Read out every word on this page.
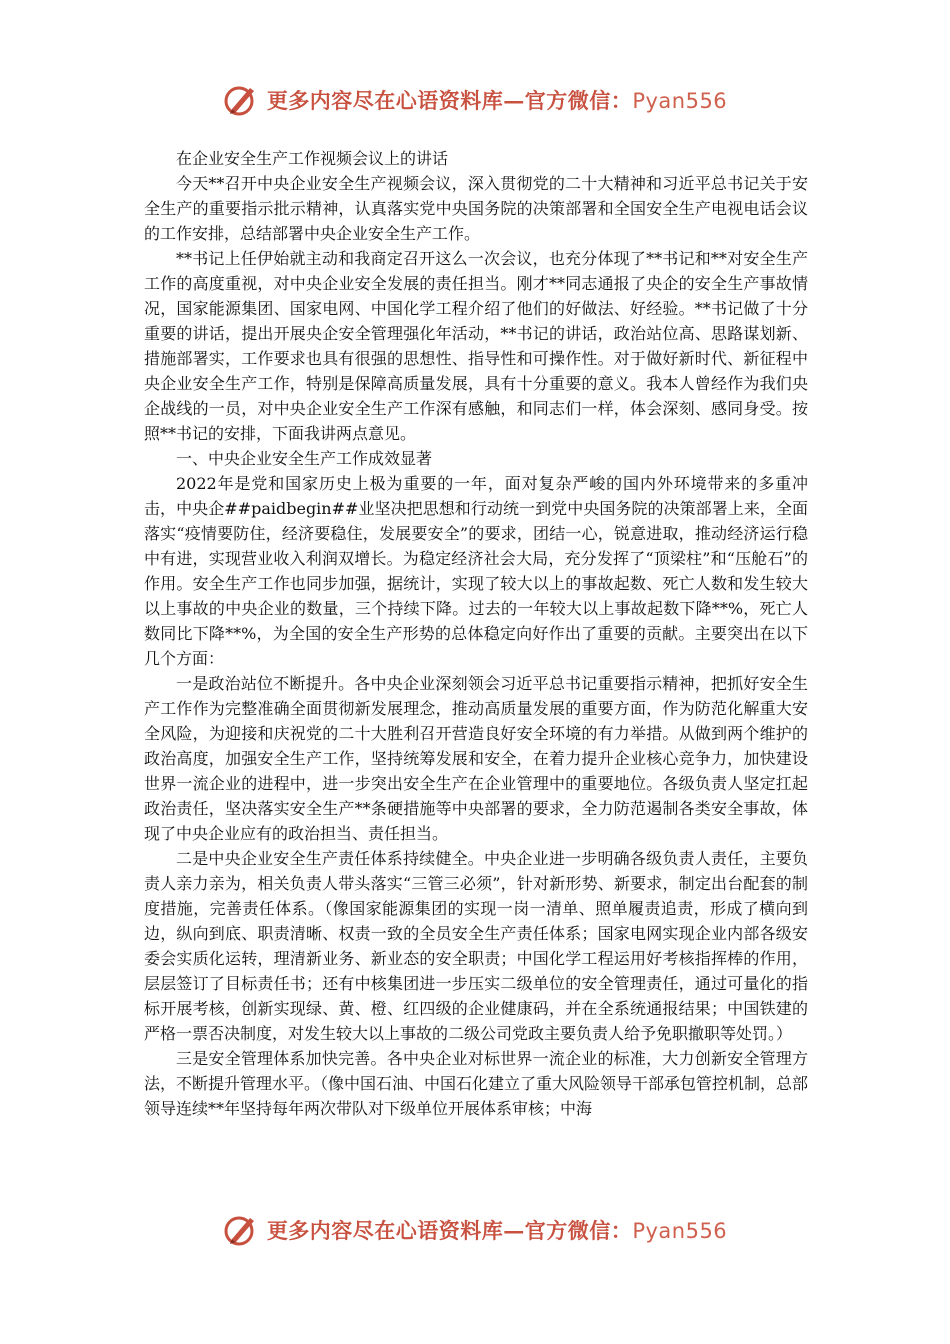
更多内容尽在心语资料库—官方微信：Pyan556

在企业安全生产工作视频会议上的讲话

今天**召开中央企业安全生产视频会议，深入贯彻党的二十大精神和习近平总书记关于安全生产的重要指示批示精神，认真落实党中央国务院的决策部署和全国安全生产电视电话会议的工作安排，总结部署中央企业安全生产工作。

**书记上任伊始就主动和我商定召开这么一次会议，也充分体现了**书记和**对安全生产工作的高度重视，对中央企业安全发展的责任担当。刚才**同志通报了央企的安全生产事故情况，国家能源集团、国家电网、中国化学工程介绍了他们的好做法、好经验。**书记做了十分重要的讲话，提出开展央企安全管理强化年活动，**书记的讲话，政治站位高、思路谋划新、措施部署实，工作要求也具有很强的思想性、指导性和可操作性。对于做好新时代、新征程中央企业安全生产工作，特别是保障高质量发展，具有十分重要的意义。我本人曾经作为我们央企战线的一员，对中央企业安全生产工作深有感触，和同志们一样，体会深刻、感同身受。按照**书记的安排，下面我讲两点意见。

一、中央企业安全生产工作成效显著

2022年是党和国家历史上极为重要的一年，面对复杂严峻的国内外环境带来的多重冲击，中央企##paidbegin##业坚决把思想和行动统一到党中央国务院的决策部署上来，全面落实“疫情要防住，经济要稳住，发展要安全”的要求，团结一心，锐意进取，推动经济运行稳中有进，实现营业收入利润双增长。为稳定经济社会大局，充分发挥了“顶梁柱”和“压舱石”的作用。安全生产工作也同步加强，据统计，实现了较大以上的事故起数、死亡人数和发生较大以上事故的中央企业的数量，三个持续下降。过去的一年较大以上事故起数下降**%，死亡人数同比下降**%，为全国的安全生产形势的总体稳定向好作出了重要的贡献。主要突出在以下几个方面：

一是政治站位不断提升。各中央企业深刻领会习近平总书记重要指示精神，把抓好安全生产工作作为完整准确全面贯彻新发展理念，推动高质量发展的重要方面，作为防范化解重大安全风险，为迎接和庆祝党的二十大胜利召开营造良好安全环境的有力举措。从做到两个维护的政治高度，加强安全生产工作，坚持统筹发展和安全，在着力提升企业核心竞争力，加快建设世界一流企业的进程中，进一步突出安全生产在企业管理中的重要地位。各级负责人坚定扛起政治责任，坚决落实安全生产**条硬措施等中央部署的要求，全力防范遏制各类安全事故，体现了中央企业应有的政治担当、责任担当。

二是中央企业安全生产责任体系持续健全。中央企业进一步明确各级负责人责任，主要负责人亲力亲为，相关负责人带头落实“三管三必须”，针对新形势、新要求，制定出台配套的制度措施，完善责任体系。（像国家能源集团的实现一岗一清单、照单履责追责，形成了横向到边，纵向到底、职责清晰、权责一致的全员安全生产责任体系；国家电网实现企业内部各级安委会实质化运转，理清新业务、新业态的安全职责；中国化学工程运用好考核指挥棒的作用，层层签订了目标责任书；还有中核集团进一步压实二级单位的安全管理责任，通过可量化的指标开展考核，创新实现绿、黄、橙、红四级的企业健康码，并在全系统通报结果；中国铁建的严格一票否决制度，对发生较大以上事故的二级公司党政主要负责人给予免职撤职等处罚。）

三是安全管理体系加快完善。各中央企业对标世界一流企业的标准，大力创新安全管理方法，不断提升管理水平。（像中国石油、中国石化建立了重大风险领导干部承包管控机制，总部领导连续**年坚持每年两次带队对下级单位开展体系审核；中海

更多内容尽在心语资料库—官方微信：Pyan556
